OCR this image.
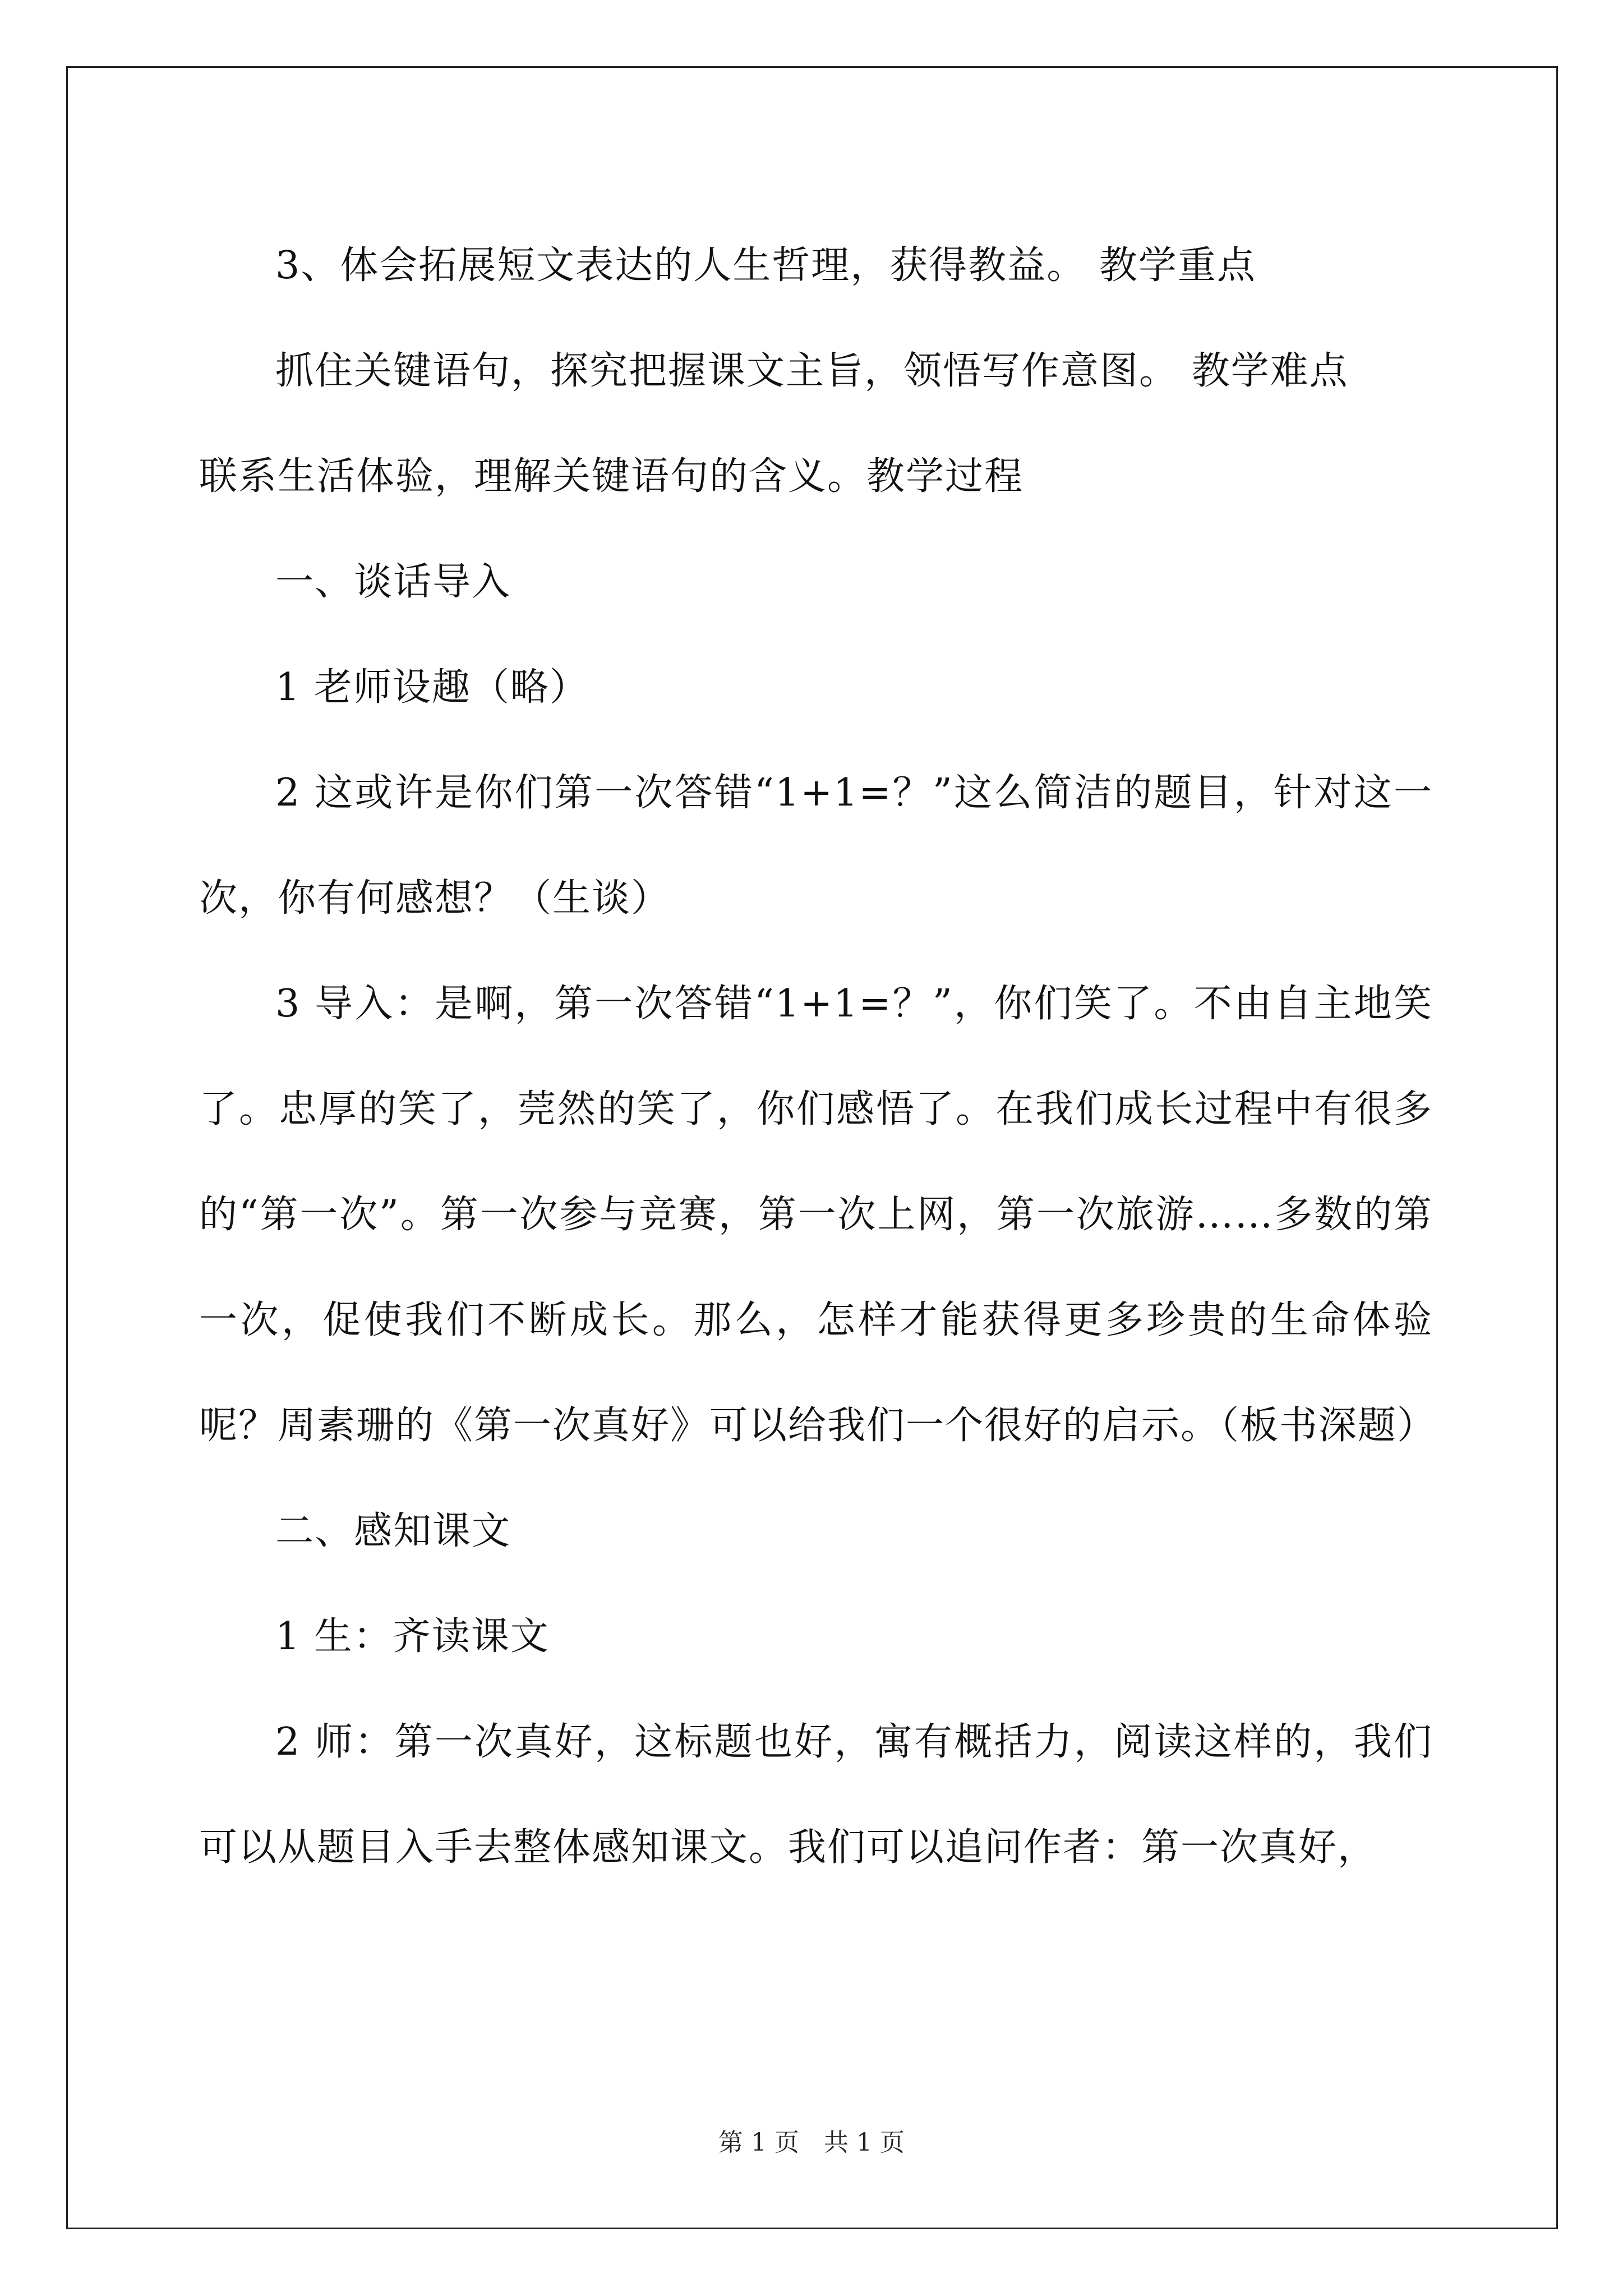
3、体会拓展短文表达的人生哲理，获得教益。 教学重点

抓住关键语句，探究把握课文主旨，领悟写作意图。 教学难点

联系生活体验，理解关键语句的含义。教学过程

一、谈话导入

1 老师设趣（略）

2 这或许是你们第一次答错“1+1=？”这么简洁的题目，针对这一次，你有何感想？（生谈）

3 导入：是啊，第一次答错“1+1=？”，你们笑了。不由自主地笑了。忠厚的笑了，莞然的笑了，你们感悟了。在我们成长过程中有很多的“第一次”。第一次参与竞赛，第一次上网，第一次旅游……多数的第一次，促使我们不断成长。那么，怎样才能获得更多珍贵的生命体验呢？周素珊的《第一次真好》可以给我们一个很好的启示。（板书深题）

二、感知课文

1 生：齐读课文

2 师：第一次真好，这标题也好，寓有概括力，阅读这样的，我们可以从题目入手去整体感知课文。我们可以追问作者：第一次真好，

第 1 页　共 1 页
